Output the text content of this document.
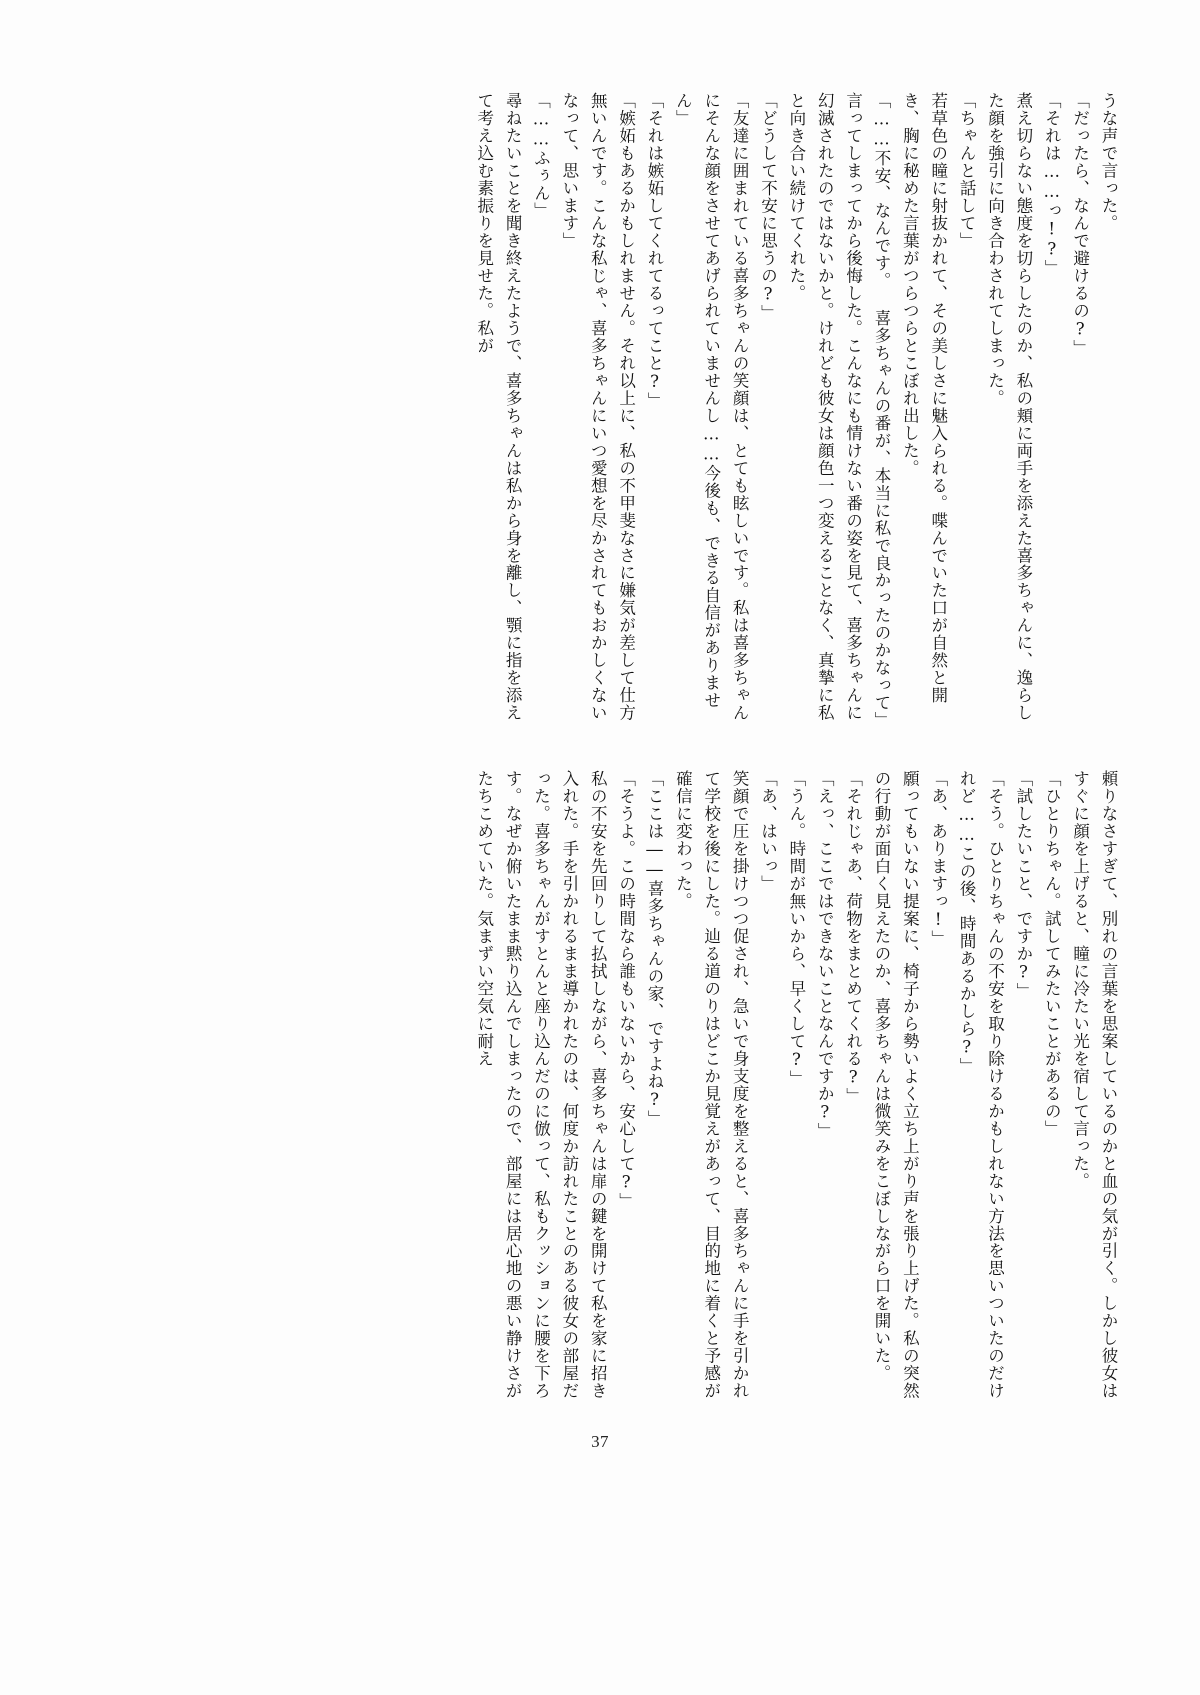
うな声で言った。

「だったら、なんで避けるの?」

「それは……っ!?」

煮え切らない態度を切らしたのか、私の頬に両手を添えた喜多ちゃんに、逸らした顔を強引に向き合わされてしまった。

「ちゃんと話して」

若草色の瞳に射抜かれて、その美しさに魅入られる。喋んでいた口が自然と開き、胸に秘めた言葉がつらつらとこぼれ出した。

「……不安、なんです。 喜多ちゃんの番が、本当に私で良かったのかなって」

言ってしまってから後悔した。こんなにも情けない番の姿を見て、喜多ちゃんに幻滅されたのではないかと。けれども彼女は顔色一つ変えることなく、真摯に私と向き合い続けてくれた。

「どうして不安に思うの?」

「友達に囲まれている喜多ちゃんの笑顔は、とても眩しいです。私は喜多ちゃんにそんな顔をさせてあげられていませんし……今後も、できる自信がありません」

「それは嫉妬してくれてるってこと?」

「嫉妬もあるかもしれません。それ以上に、私の不甲斐なさに嫌気が差して仕方無いんです。こんな私じゃ、喜多ちゃんにいつ愛想を尽かされてもおかしくないなって、思います」

「……ふぅん」

尋ねたいことを聞き終えたようで、喜多ちゃんは私から身を離し、顎に指を添えて考え込む素振りを見せた。私が

頼りなさすぎて、別れの言葉を思案しているのかと血の気が引く。しかし彼女はすぐに顔を上げると、瞳に冷たい光を宿して言った。

「ひとりちゃん。試してみたいことがあるの」

「試したいこと、ですか?」

「そう。ひとりちゃんの不安を取り除けるかもしれない方法を思いついたのだけれど……この後、時間あるかしら?」

「あ、ありますっ!」

願ってもいない提案に、椅子から勢いよく立ち上がり声を張り上げた。私の突然の行動が面白く見えたのか、喜多ちゃんは微笑みをこぼしながら口を開いた。

「それじゃあ、荷物をまとめてくれる?」

「えっ、ここではできないことなんですか?」

「うん。時間が無いから、早くして?」

「あ、はいっ」

笑顔で圧を掛けつつ促され、急いで身支度を整えると、喜多ちゃんに手を引かれて学校を後にした。辿る道のりはどこか見覚えがあって、目的地に着くと予感が確信に変わった。

「ここは――喜多ちゃんの家、ですよね?」

「そうよ。この時間なら誰もいないから、安心して?」

私の不安を先回りして払拭しながら、喜多ちゃんは扉の鍵を開けて私を家に招き入れた。手を引かれるまま導かれたのは、何度か訪れたことのある彼女の部屋だった。喜多ちゃんがすとんと座り込んだのに倣って、私もクッションに腰を下ろす。なぜか俯いたまま黙り込んでしまったので、部屋には居心地の悪い静けさがたちこめていた。気まずい空気に耐え

37
